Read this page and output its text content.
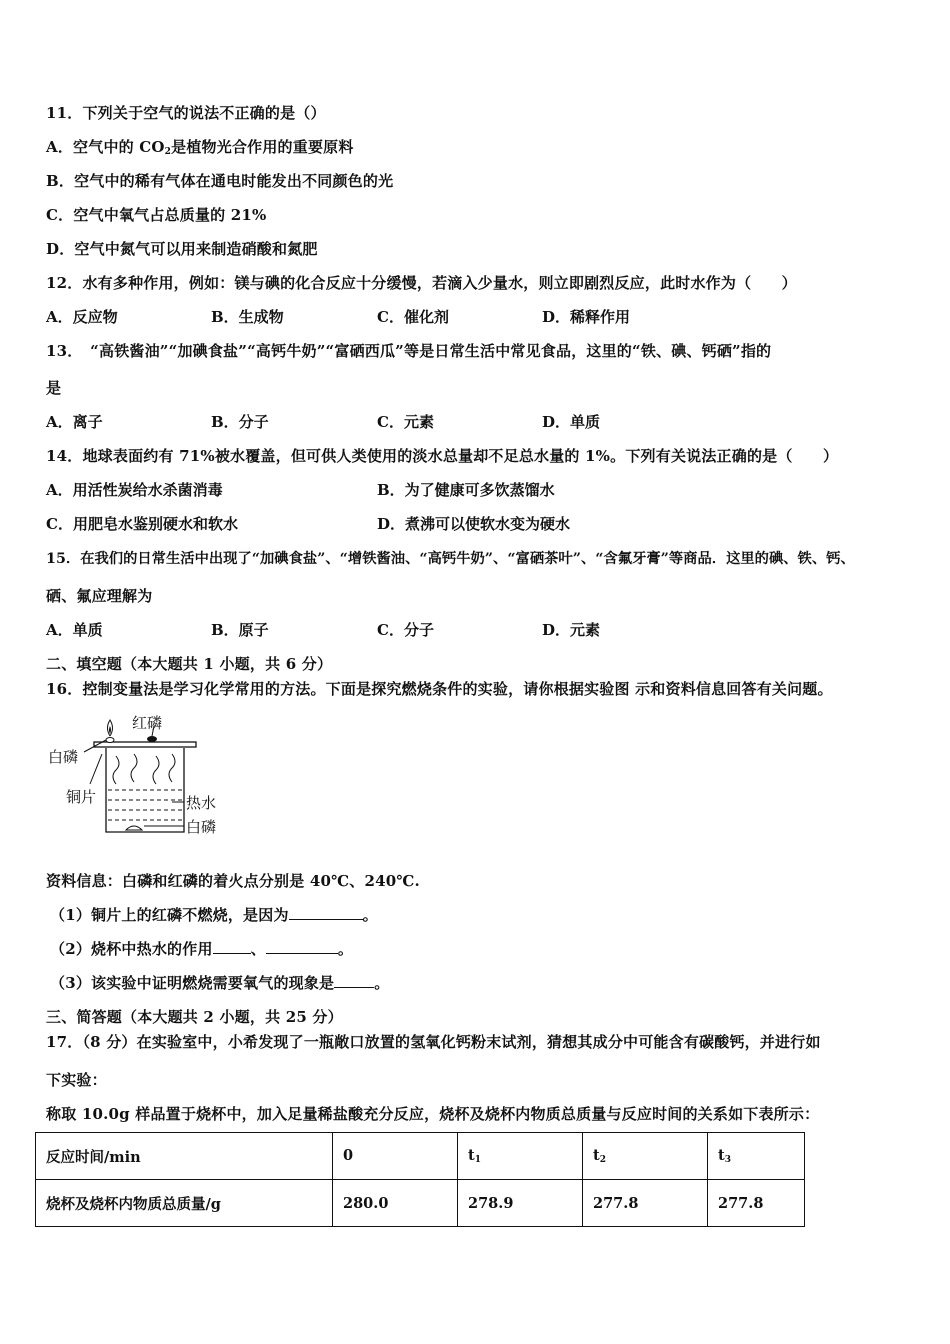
11．下列关于空气的说法不正确的是（）
A．空气中的 $CO_2$是植物光合作用的重要原料
B．空气中的稀有气体在通电时能发出不同颜色的光
C．空气中氧气占总质量的 21%
D．空气中氮气可以用来制造硝酸和氮肥
12．水有多种作用，例如：镁与碘的化合反应十分缓慢，若滴入少量水，则立即剧烈反应，此时水作为（　　）
A．反应物	B．生成物	C．催化剂	D．稀释作用
13．　“高铁酱油”“加碘食盐”“高钙牛奶”“富硒西瓜”等是日常生活中常见食品，这里的“铁、碘、钙硒”指的
是
A．离子	B．分子	C．元素	D．单质
14．地球表面约有 71%被水覆盖，但可供人类使用的淡水总量却不足总水量的 1%。下列有关说法正确的是（　　）
A．用活性炭给水杀菌消毒	B．为了健康可多饮蒸馏水
C．用肥皂水鉴别硬水和软水	D．煮沸可以使软水变为硬水
15．在我们的日常生活中出现了“加碘食盐”、“增铁酱油、“高钙牛奶”、“富硒茶叶”、“含氟牙膏”等商品．这里的碘、铁、钙、
硒、氟应理解为
A．单质	B．原子	C．分子	D．元素
二、填空题（本大题共 1 小题，共 6 分）
16．控制变量法是学习化学常用的方法。下面是探究燃烧条件的实验，请你根据实验图 示和资料信息回答有关问题。
红磷
白磷
铜片	热水
白磷
资料信息：白磷和红磷的着火点分别是 40℃、240℃.
（1）铜片上的红磷不燃烧，是因为	。
（2）烧杯中热水的作用	、	。
（3）该实验中证明燃烧需要氧气的现象是	。
三、简答题（本大题共 2 小题，共 25 分）
17．（8 分）在实验室中，小希发现了一瓶敞口放置的氢氧化钙粉末试剂，猜想其成分中可能含有碳酸钙，并进行如
下实验：
称取 10.0g 样品置于烧杯中，加入足量稀盐酸充分反应，烧杯及烧杯内物质总质量与反应时间的关系如下表所示：
反应时间/min	0	$t_1$	$t_2$	$t_3$
烧杯及烧杯内物质总质量/g	280.0	278.9	277.8	277.8
